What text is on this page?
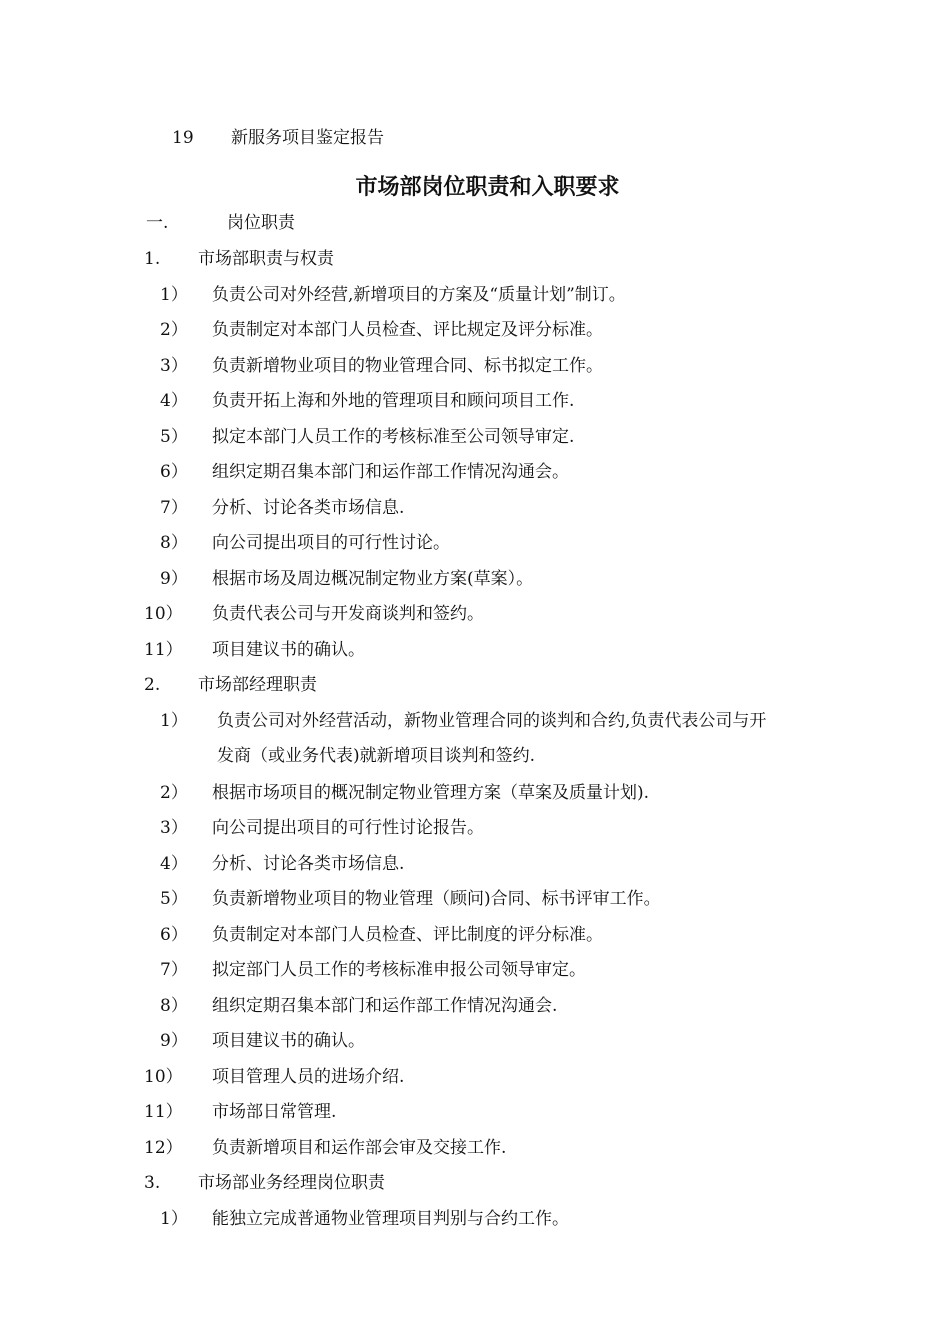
19 新服务项目鉴定报告
市场部岗位职责和入职要求
一.	岗位职责
1. 市场部职责与权责
1） 负责公司对外经营,新增项目的方案及“质量计划”制订。
2） 负责制定对本部门人员检查、评比规定及评分标准。
3） 负责新增物业项目的物业管理合同、标书拟定工作。
4） 负责开拓上海和外地的管理项目和顾问项目工作.
5） 拟定本部门人员工作的考核标准至公司领导审定.
6） 组织定期召集本部门和运作部工作情况沟通会。
7） 分析、讨论各类市场信息.
8） 向公司提出项目的可行性讨论。
9） 根据市场及周边概况制定物业方案(草案）。
10） 负责代表公司与开发商谈判和签约。
11） 项目建议书的确认。
2. 市场部经理职责
1） 负责公司对外经营活动，新物业管理合同的谈判和合约,负责代表公司与开
发商（或业务代表)就新增项目谈判和签约.
2） 根据市场项目的概况制定物业管理方案（草案及质量计划).
3） 向公司提出项目的可行性讨论报告。
4） 分析、讨论各类市场信息.
5） 负责新增物业项目的物业管理（顾问)合同、标书评审工作。
6） 负责制定对本部门人员检查、评比制度的评分标准。
7） 拟定部门人员工作的考核标准申报公司领导审定。
8） 组织定期召集本部门和运作部工作情况沟通会.
9） 项目建议书的确认。
10） 项目管理人员的进场介绍.
11） 市场部日常管理.
12） 负责新增项目和运作部会审及交接工作.
3. 市场部业务经理岗位职责
1） 能独立完成普通物业管理项目判别与合约工作。
